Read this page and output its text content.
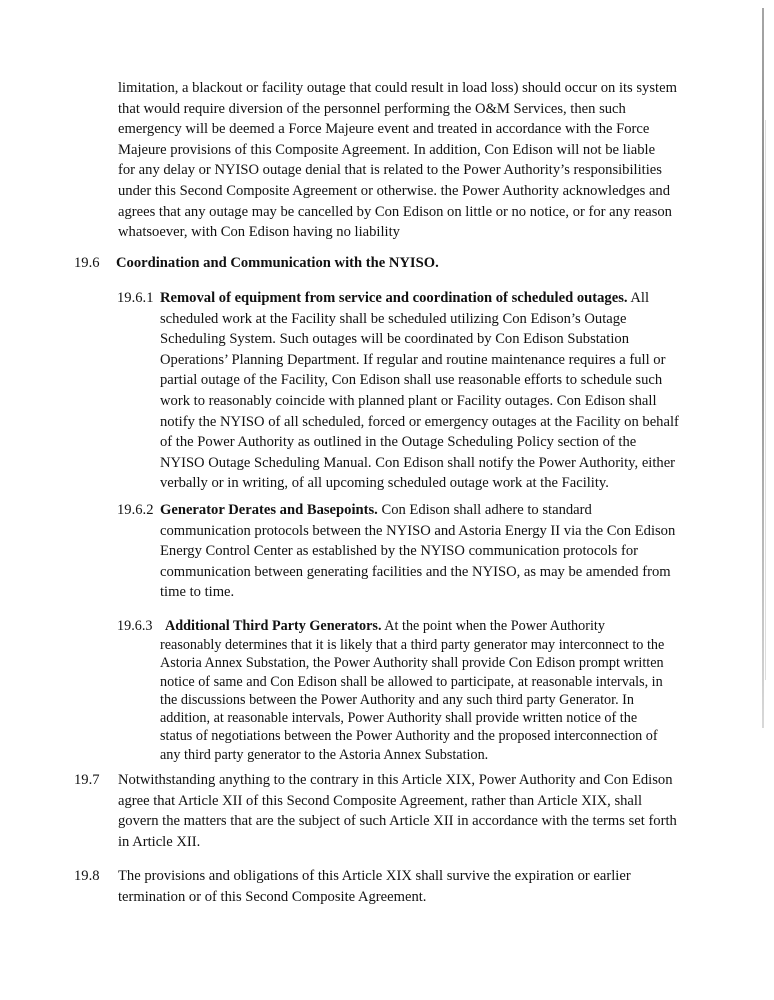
limitation, a blackout or facility outage that could result in load loss) should occur on its system
that would require diversion of the personnel performing the O&M Services, then such
emergency will be deemed a Force Majeure event and treated in accordance with the Force
Majeure provisions of this Composite Agreement. In addition, Con Edison will not be liable
for any delay or NYISO outage denial that is related to the Power Authority’s responsibilities
under this Second Composite Agreement or otherwise. the Power Authority acknowledges and
agrees that any outage may be cancelled by Con Edison on little or no notice, or for any reason
whatsoever, with Con Edison having no liability
19.6	Coordination and Communication with the NYISO.
19.6.1 Removal of equipment from service and coordination of scheduled outages. All
scheduled work at the Facility shall be scheduled utilizing Con Edison’s Outage
Scheduling System. Such outages will be coordinated by Con Edison Substation
Operations’ Planning Department. If regular and routine maintenance requires a full or
partial outage of the Facility, Con Edison shall use reasonable efforts to schedule such
work to reasonably coincide with planned plant or Facility outages. Con Edison shall
notify the NYISO of all scheduled, forced or emergency outages at the Facility on behalf
of the Power Authority as outlined in the Outage Scheduling Policy section of the
NYISO Outage Scheduling Manual. Con Edison shall notify the Power Authority, either
verbally or in writing, of all upcoming scheduled outage work at the Facility.
19.6.2 Generator Derates and Basepoints. Con Edison shall adhere to standard
communication protocols between the NYISO and Astoria Energy II via the Con Edison
Energy Control Center as established by the NYISO communication protocols for
communication between generating facilities and the NYISO, as may be amended from
time to time.
19.6.3 Additional Third Party Generators. At the point when the Power Authority
reasonably determines that it is likely that a third party generator may interconnect to the
Astoria Annex Substation, the Power Authority shall provide Con Edison prompt written
notice of same and Con Edison shall be allowed to participate, at reasonable intervals, in
the discussions between the Power Authority and any such third party Generator. In
addition, at reasonable intervals, Power Authority shall provide written notice of the
status of negotiations between the Power Authority and the proposed interconnection of
any third party generator to the Astoria Annex Substation.
19.7	Notwithstanding anything to the contrary in this Article XIX, Power Authority and Con Edison
agree that Article XII of this Second Composite Agreement, rather than Article XIX, shall
govern the matters that are the subject of such Article XII in accordance with the terms set forth
in Article XII.
19.8	The provisions and obligations of this Article XIX shall survive the expiration or earlier
termination or of this Second Composite Agreement.
